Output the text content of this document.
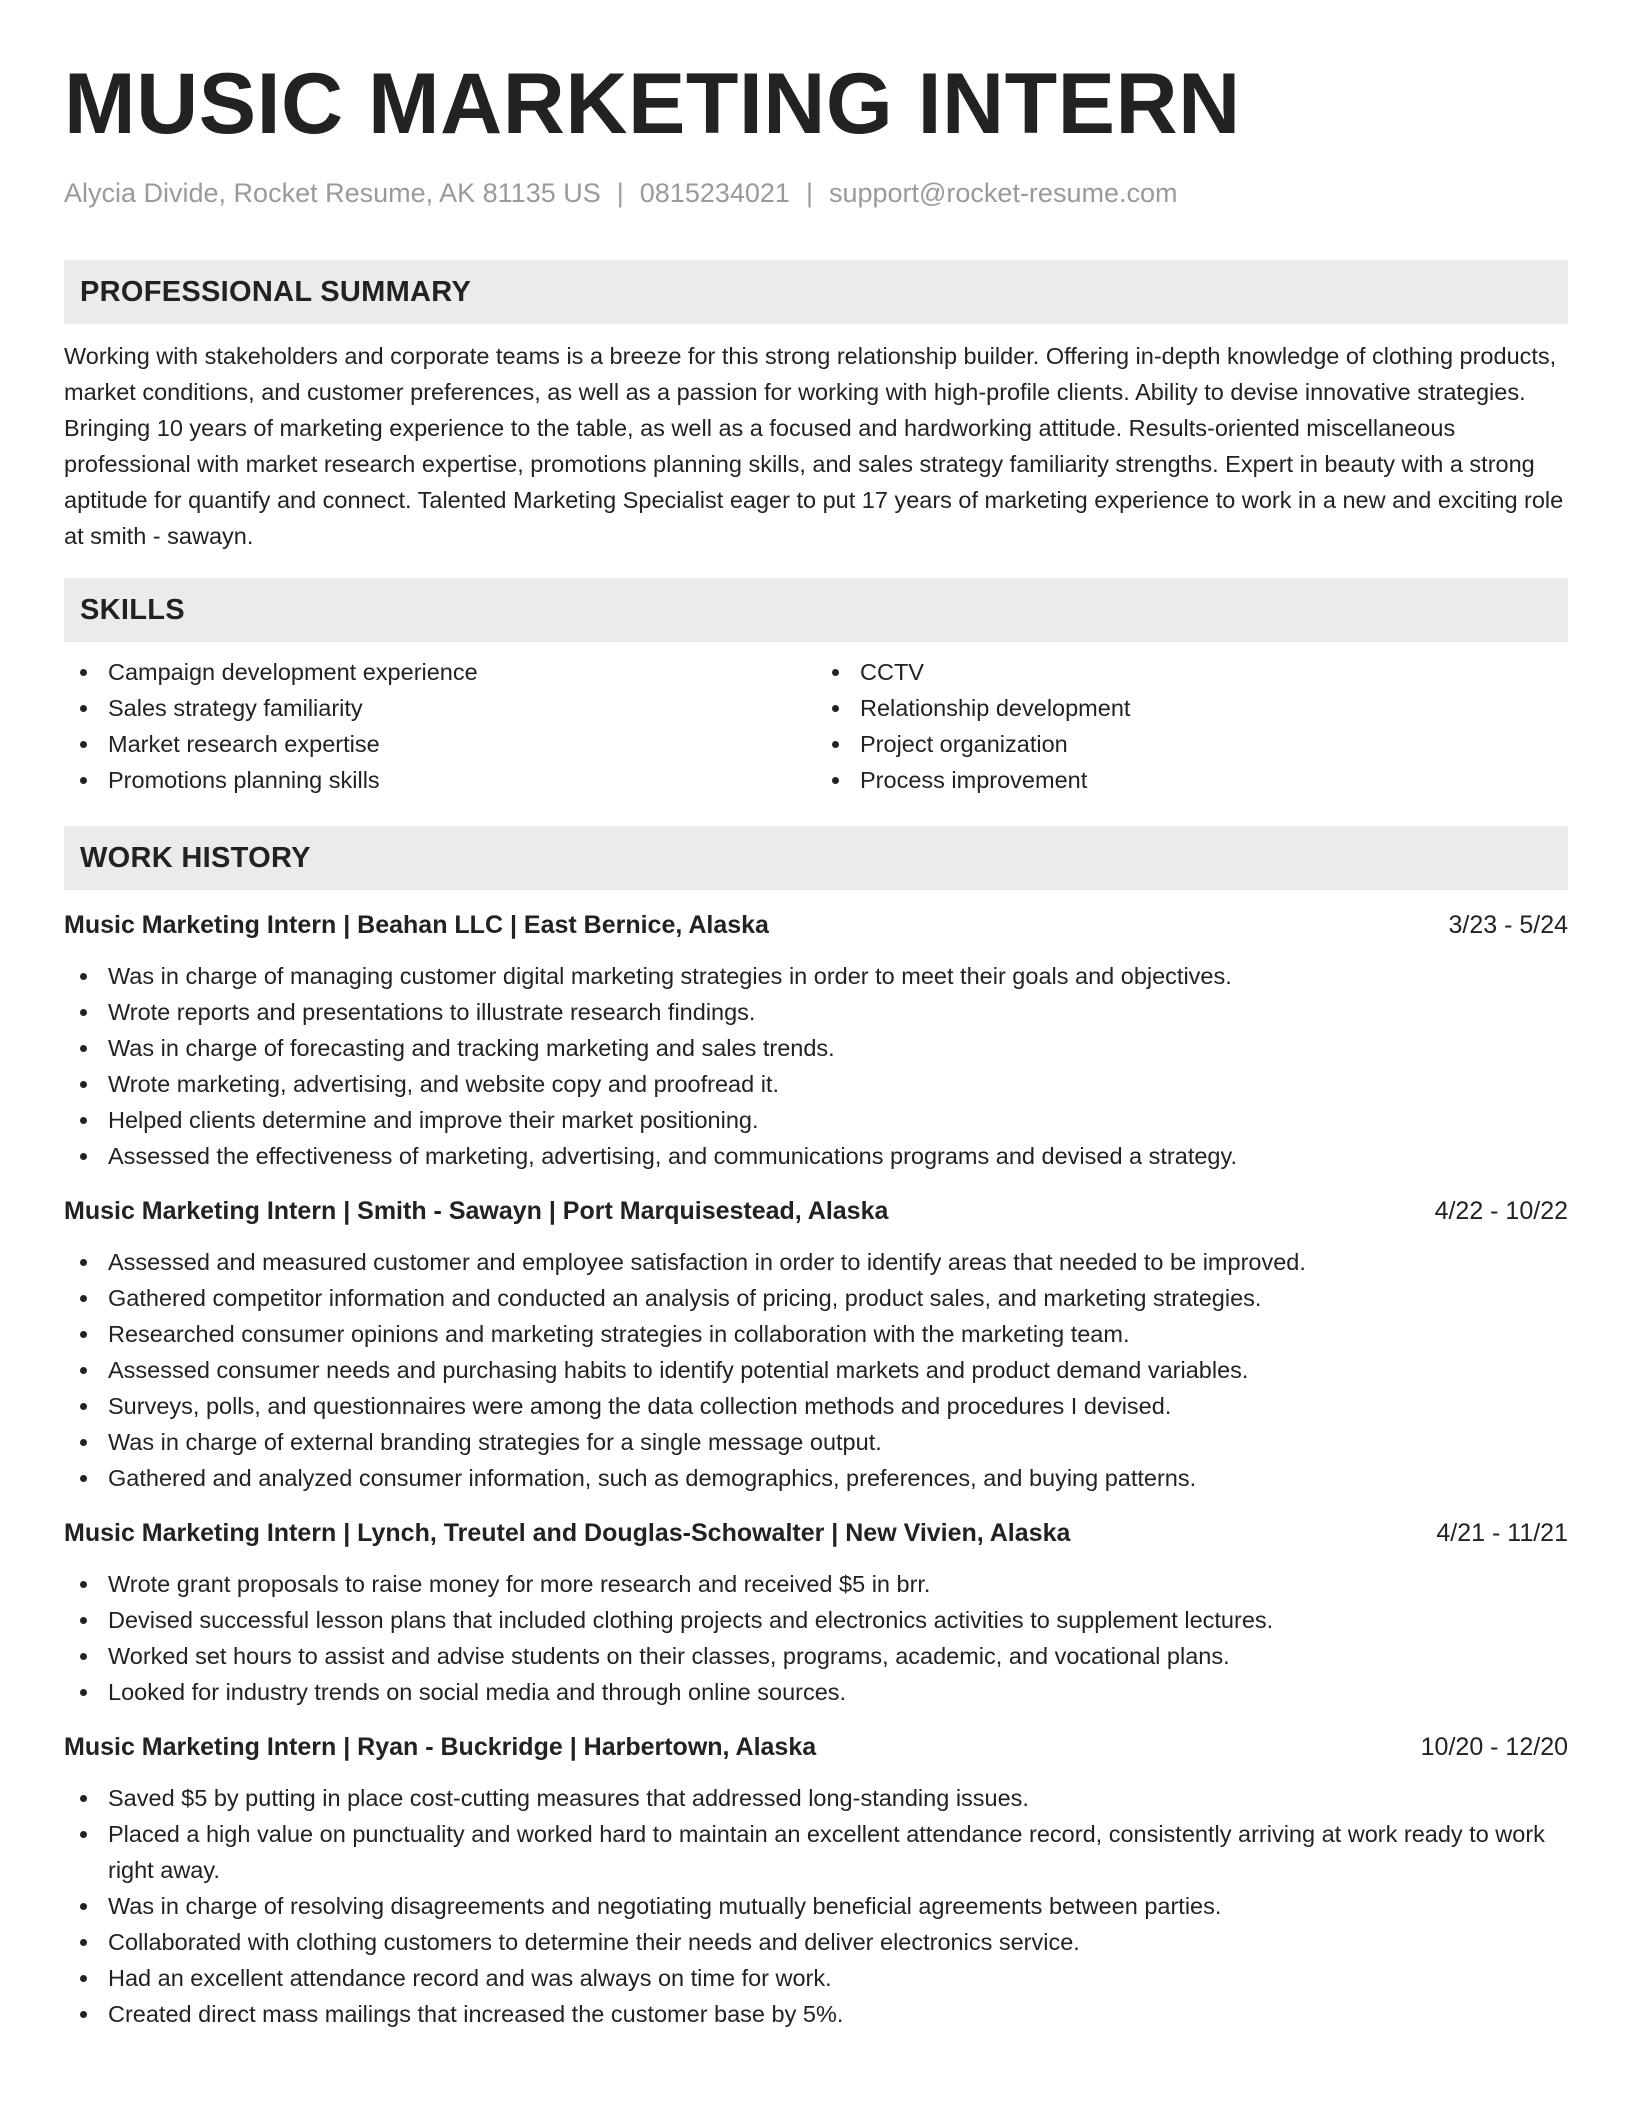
MUSIC MARKETING INTERN
Alycia Divide, Rocket Resume, AK 81135 US | 0815234021 | support@rocket-resume.com
PROFESSIONAL SUMMARY

Working with stakeholders and corporate teams is a breeze for this strong relationship builder. Offering in-depth knowledge of clothing products, market conditions, and customer preferences, as well as a passion for working with high-profile clients. Ability to devise innovative strategies. Bringing 10 years of marketing experience to the table, as well as a focused and hardworking attitude. Results-oriented miscellaneous professional with market research expertise, promotions planning skills, and sales strategy familiarity strengths. Expert in beauty with a strong aptitude for quantify and connect. Talented Marketing Specialist eager to put 17 years of marketing experience to work in a new and exciting role at smith - sawayn.

SKILLS
Campaign development experience
Sales strategy familiarity
Market research expertise
Promotions planning skills
CCTV
Relationship development
Project organization
Process improvement
WORK HISTORY
Music Marketing Intern | Beahan LLC | East Bernice, Alaska	3/23 - 5/24
Was in charge of managing customer digital marketing strategies in order to meet their goals and objectives.
Wrote reports and presentations to illustrate research findings.
Was in charge of forecasting and tracking marketing and sales trends.
Wrote marketing, advertising, and website copy and proofread it.
Helped clients determine and improve their market positioning.
Assessed the effectiveness of marketing, advertising, and communications programs and devised a strategy.
Music Marketing Intern | Smith - Sawayn | Port Marquisestead, Alaska	4/22 - 10/22
Assessed and measured customer and employee satisfaction in order to identify areas that needed to be improved.
Gathered competitor information and conducted an analysis of pricing, product sales, and marketing strategies.
Researched consumer opinions and marketing strategies in collaboration with the marketing team.
Assessed consumer needs and purchasing habits to identify potential markets and product demand variables.
Surveys, polls, and questionnaires were among the data collection methods and procedures I devised.
Was in charge of external branding strategies for a single message output.
Gathered and analyzed consumer information, such as demographics, preferences, and buying patterns.
Music Marketing Intern | Lynch, Treutel and Douglas-Schowalter | New Vivien, Alaska	4/21 - 11/21
Wrote grant proposals to raise money for more research and received $5 in brr.
Devised successful lesson plans that included clothing projects and electronics activities to supplement lectures.
Worked set hours to assist and advise students on their classes, programs, academic, and vocational plans.
Looked for industry trends on social media and through online sources.
Music Marketing Intern | Ryan - Buckridge | Harbertown, Alaska	10/20 - 12/20
Saved $5 by putting in place cost-cutting measures that addressed long-standing issues.
Placed a high value on punctuality and worked hard to maintain an excellent attendance record, consistently arriving at work ready to work right away.
Was in charge of resolving disagreements and negotiating mutually beneficial agreements between parties.
Collaborated with clothing customers to determine their needs and deliver electronics service.
Had an excellent attendance record and was always on time for work.
Created direct mass mailings that increased the customer base by 5%.
